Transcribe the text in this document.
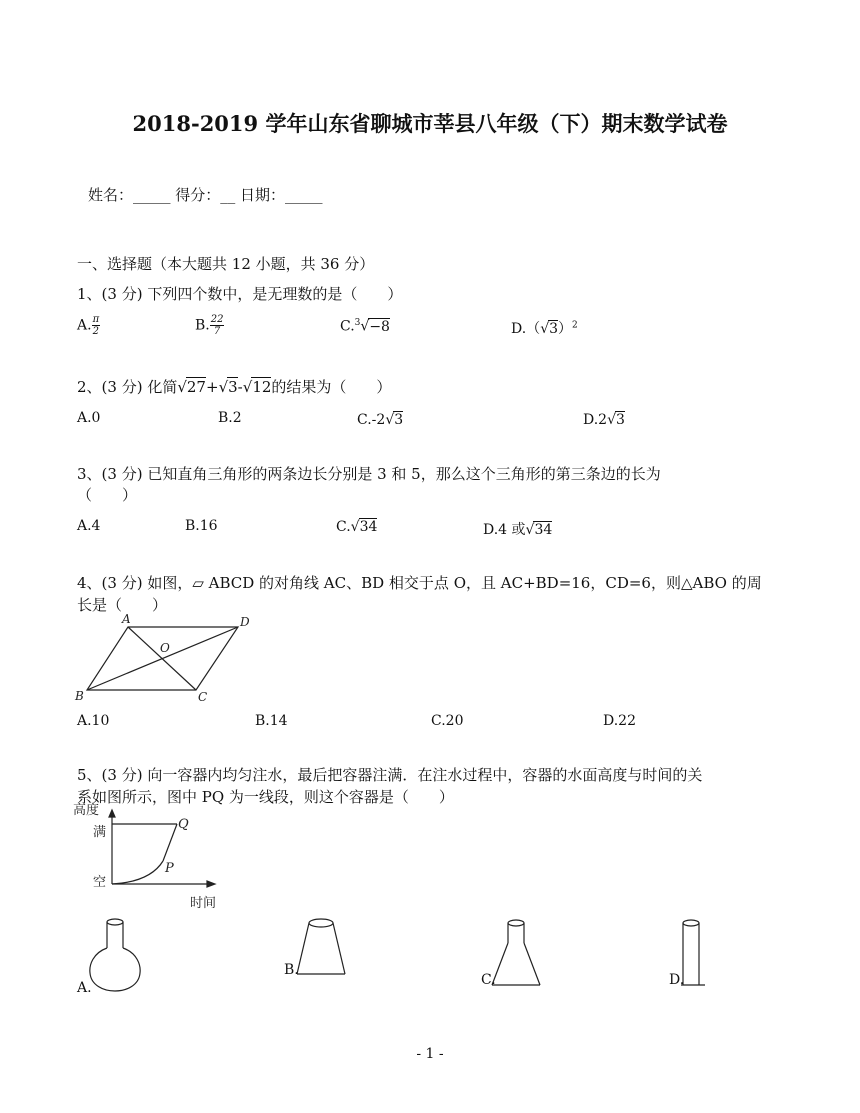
2018-2019 学年山东省聊城市莘县八年级（下）期末数学试卷
姓名：_____ 得分：__ 日期：_____
一、选择题（本大题共 12 小题，共 36 分）
1、(3 分) 下列四个数中，是无理数的是（　　）
A. $\frac{\pi}{2}$	B. $\frac{22}{7}$	C.$^3$√−8	$D.(√3)^2$
2、(3 分) 化简√27+√3-√12的结果为（　　）
A.0	B.2	C.-2√3	D.2√3
3、(3 分) 已知直角三角形的两条边长分别是 3 和 5，那么这个三角形的第三条边的长为
（　　）
A.4	B.16	C.√34	D.4 或√34
4、(3 分) 如图，▱ ABCD 的对角线 AC、BD 相交于点 O，且 AC+BD=16，CD=6，则△ABO 的周
长是（　　）
A	D
O
B	C
A.10	B.14	C.20	D.22
5、(3 分) 向一容器内均匀注水，最后把容器注满．在注水过程中，容器的水面高度与时间的关
系如图所示，图中 PQ 为一线段，则这个容器是（　　）
高度
满
空
时间
Q
P
A.
B.
C.	D.
- 1 -
